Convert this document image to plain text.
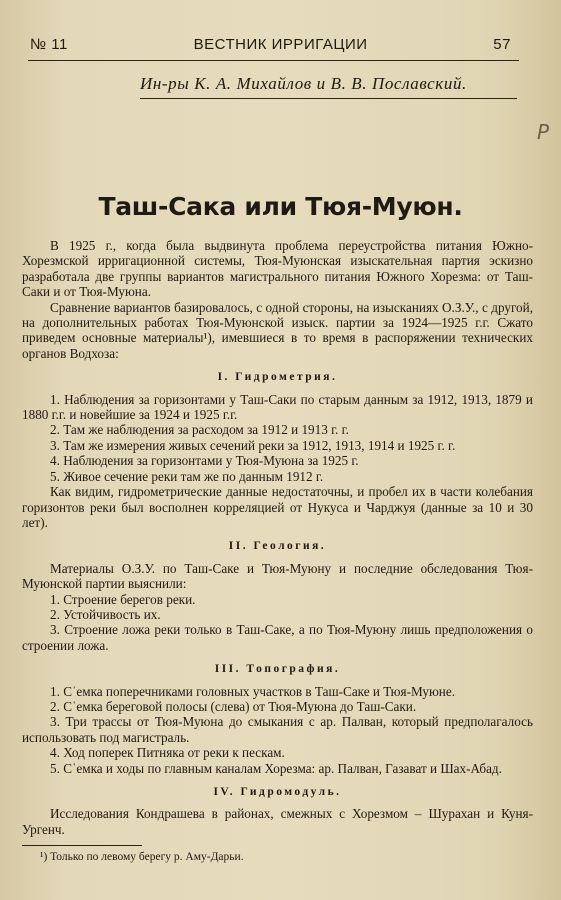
№ 11	ВЕСТНИК ИРРИГАЦИИ	57
Ин-ры К. А. Михайлов и В. В. Пославский.
P
Таш-Сака или Тюя-Муюн.

В 1925 г., когда была выдвинута проблема переустройства питания Южно-Хорезмской ирригационной системы, Тюя-Муюнская изыскательная партия эскизно разработала две группы вариантов магистрального питания Южного Хорезма: от Таш-Саки и от Тюя-Муюна.

Сравнение вариантов базировалось, с одной стороны, на изысканиях О.З.У., с другой, на дополнительных работах Тюя-Муюнской изыск. партии за 1924—1925 г.г. Сжато приведем основные материалы¹), имевшиеся в то время в распоряжении технических органов Водхоза:

I. Гидрометрия.

1. Наблюдения за горизонтами у Таш-Саки по старым данным за 1912, 1913, 1879 и 1880 г.г. и новейшие за 1924 и 1925 г.г.

2. Там же наблюдения за расходом за 1912 и 1913 г. г.

3. Там же измерения живых сечений реки за 1912, 1913, 1914 и 1925 г. г.

4. Наблюдения за горизонтами у Тюя-Муюна за 1925 г.

5. Живое сечение реки там же по данным 1912 г.

Как видим, гидрометрические данные недостаточны, и пробел их в части колебания горизонтов реки был восполнен корреляцией от Нукуса и Чарджуя (данные за 10 и 30 лет).

II. Геология.

Материалы О.З.У. по Таш-Саке и Тюя-Муюну и последние обследования Тюя-Муюнской партии выяснили:

1. Строение берегов реки.

2. Устойчивость их.

3. Строение ложа реки только в Таш-Саке, а по Тюя-Муюну лишь предположения о строении ложа.

III. Топография.

1. Сˈемка поперечниками головных участков в Таш-Саке и Тюя-Муюне.

2. Сˈемка береговой полосы (слева) от Тюя-Муюна до Таш-Саки.

3. Три трассы от Тюя-Муюна до смыкания с ар. Палван, который предполагалось использовать под магистраль.

4. Ход поперек Питняка от реки к пескам.

5. Сˈемка и ходы по главным каналам Хорезма: ар. Палван, Газават и Шах-Абад.

IV. Гидромодуль.

Исследования Кондрашева в районах, смежных с Хорезмом – Шурахан и Куня-Ургенч.

¹) Только по левому берегу р. Аму-Дарьи.
